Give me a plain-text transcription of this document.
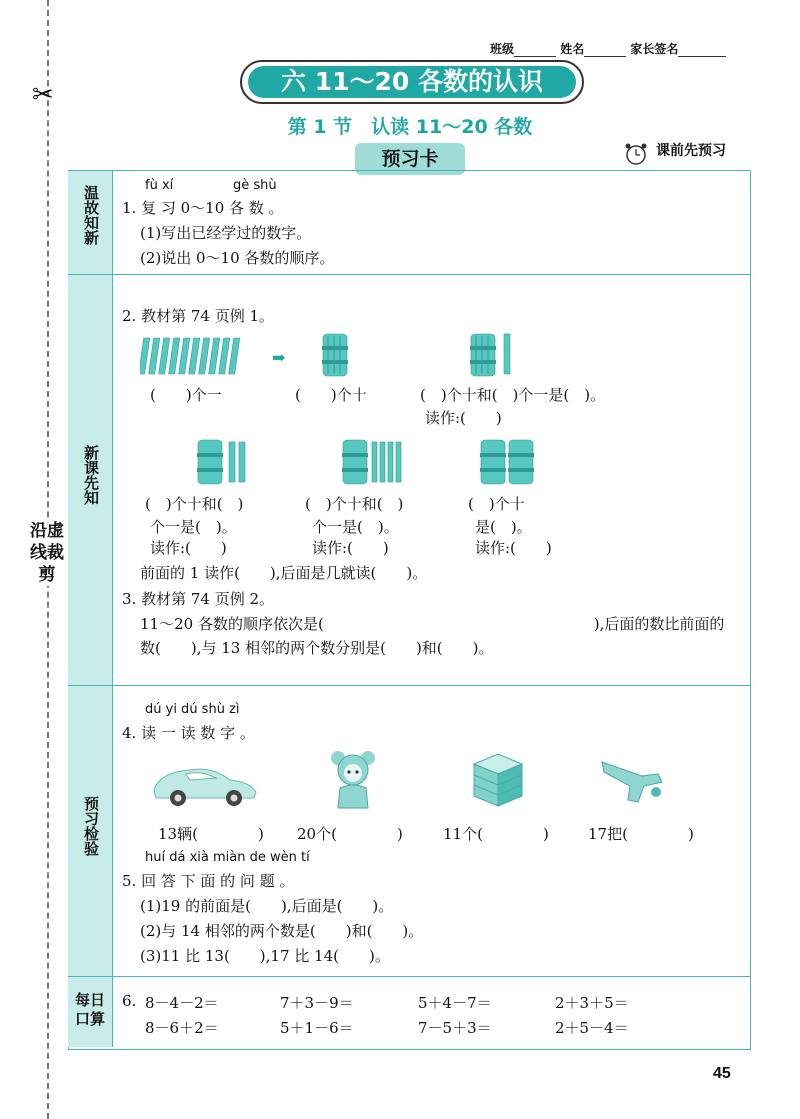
✂
沿虚线裁剪
班级	姓名	家长签名
六 11～20 各数的认识
第 1 节　认读 11～20 各数
预习卡	课前先预习
温故知新
新课先知
预习检验
每日口算
fù xí	gè shù
1. 复 习 0～10 各 数 。
(1)写出已经学过的数字。
(2)说出 0～10 各数的顺序。
2. 教材第 74 页例 1。
➡
(　　)个一	(　　)个十	(　)个十和(　)个一是(　)。
读作:(　　)
(　)个十和(　)
个一是(　)。
读作:(　　)
(　)个十和(　)
个一是(　)。
读作:(　　)
(　)个十
是(　)。
读作:(　　)
前面的 1 读作(　　),后面是几就读(　　)。
3. 教材第 74 页例 2。
11～20 各数的顺序依次是(　　　　　　　　　　　　　　　　　　),后面的数比前面的
数(　　),与 13 相邻的两个数分别是(　　)和(　　)。
dú yi dú shù zì
4. 读 一 读 数 字 。
13辆(　　　　) 20个(　　　　)	11个(　　　　)	17把(　　　　)
huí dá xià miàn de wèn tí
5. 回 答 下 面 的 问 题 。
(1)19 的前面是(　　),后面是(　　)。
(2)与 14 相邻的两个数是(　　)和(　　)。
(3)11 比 13(　　),17 比 14(　　)。
6. 8－4－2＝	7＋3－9＝	5＋4－7＝	2＋3＋5＝
8－6＋2＝	5＋1－6＝	7－5＋3＝	2＋5－4＝
45
